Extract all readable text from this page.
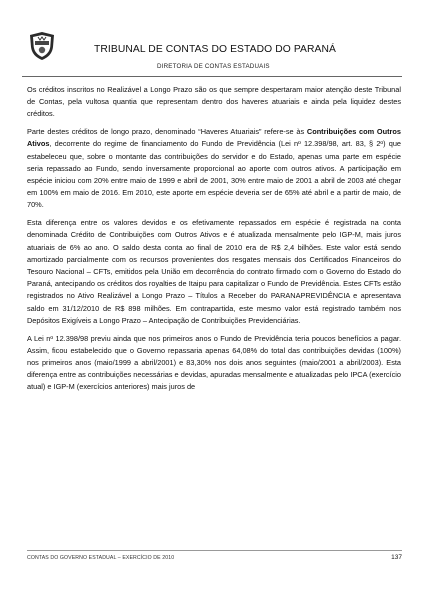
TRIBUNAL DE CONTAS DO ESTADO DO PARANÁ
DIRETORIA DE CONTAS ESTADUAIS

Os créditos inscritos no Realizável a Longo Prazo são os que sempre despertaram maior atenção deste Tribunal de Contas, pela vultosa quantia que representam dentro dos haveres atuariais e ainda pela liquidez destes créditos.

Parte destes créditos de longo prazo, denominado “Haveres Atuariais” refere-se às Contribuições com Outros Ativos, decorrente do regime de financiamento do Fundo de Previdência (Lei nº 12.398/98, art. 83, § 2º) que estabeleceu que, sobre o montante das contribuições do servidor e do Estado, apenas uma parte em espécie seria repassado ao Fundo, sendo inversamente proporcional ao aporte com outros ativos. A participação em espécie iniciou com 20% entre maio de 1999 e abril de 2001, 30% entre maio de 2001 a abril de 2003 até chegar em 100% em maio de 2016. Em 2010, este aporte em espécie deveria ser de 65% até abril e a partir de maio, de 70%.

Esta diferença entre os valores devidos e os efetivamente repassados em espécie é registrada na conta denominada Crédito de Contribuições com Outros Ativos e é atualizada mensalmente pelo IGP-M, mais juros atuariais de 6% ao ano. O saldo desta conta ao final de 2010 era de R$ 2,4 bilhões. Este valor está sendo amortizado parcialmente com os recursos provenientes dos resgates mensais dos Certificados Financeiros do Tesouro Nacional – CFTs, emitidos pela União em decorrência do contrato firmado com o Governo do Estado do Paraná, antecipando os créditos dos royalties de Itaipu para capitalizar o Fundo de Previdência. Estes CFTs estão registrados no Ativo Realizável a Longo Prazo – Títulos a Receber do PARANAPREVIDÊNCIA e apresentava saldo em 31/12/2010 de R$ 898 milhões. Em contrapartida, este mesmo valor está registrado também nos Depósitos Exigíveis a Longo Prazo – Antecipação de Contribuições Previdenciárias.

A Lei nº 12.398/98 previu ainda que nos primeiros anos o Fundo de Previdência teria poucos benefícios a pagar. Assim, ficou estabelecido que o Governo repassaria apenas 64,08% do total das contribuições devidas (100%) nos primeiros anos (maio/1999 a abril/2001) e 83,30% nos dois anos seguintes (maio/2001 a abril/2003). Esta diferença entre as contribuições necessárias e devidas, apuradas mensalmente e atualizadas pelo IPCA (exercício atual) e IGP-M (exercícios anteriores) mais juros de

CONTAS DO GOVERNO ESTADUAL – EXERCÍCIO DE 2010	137
